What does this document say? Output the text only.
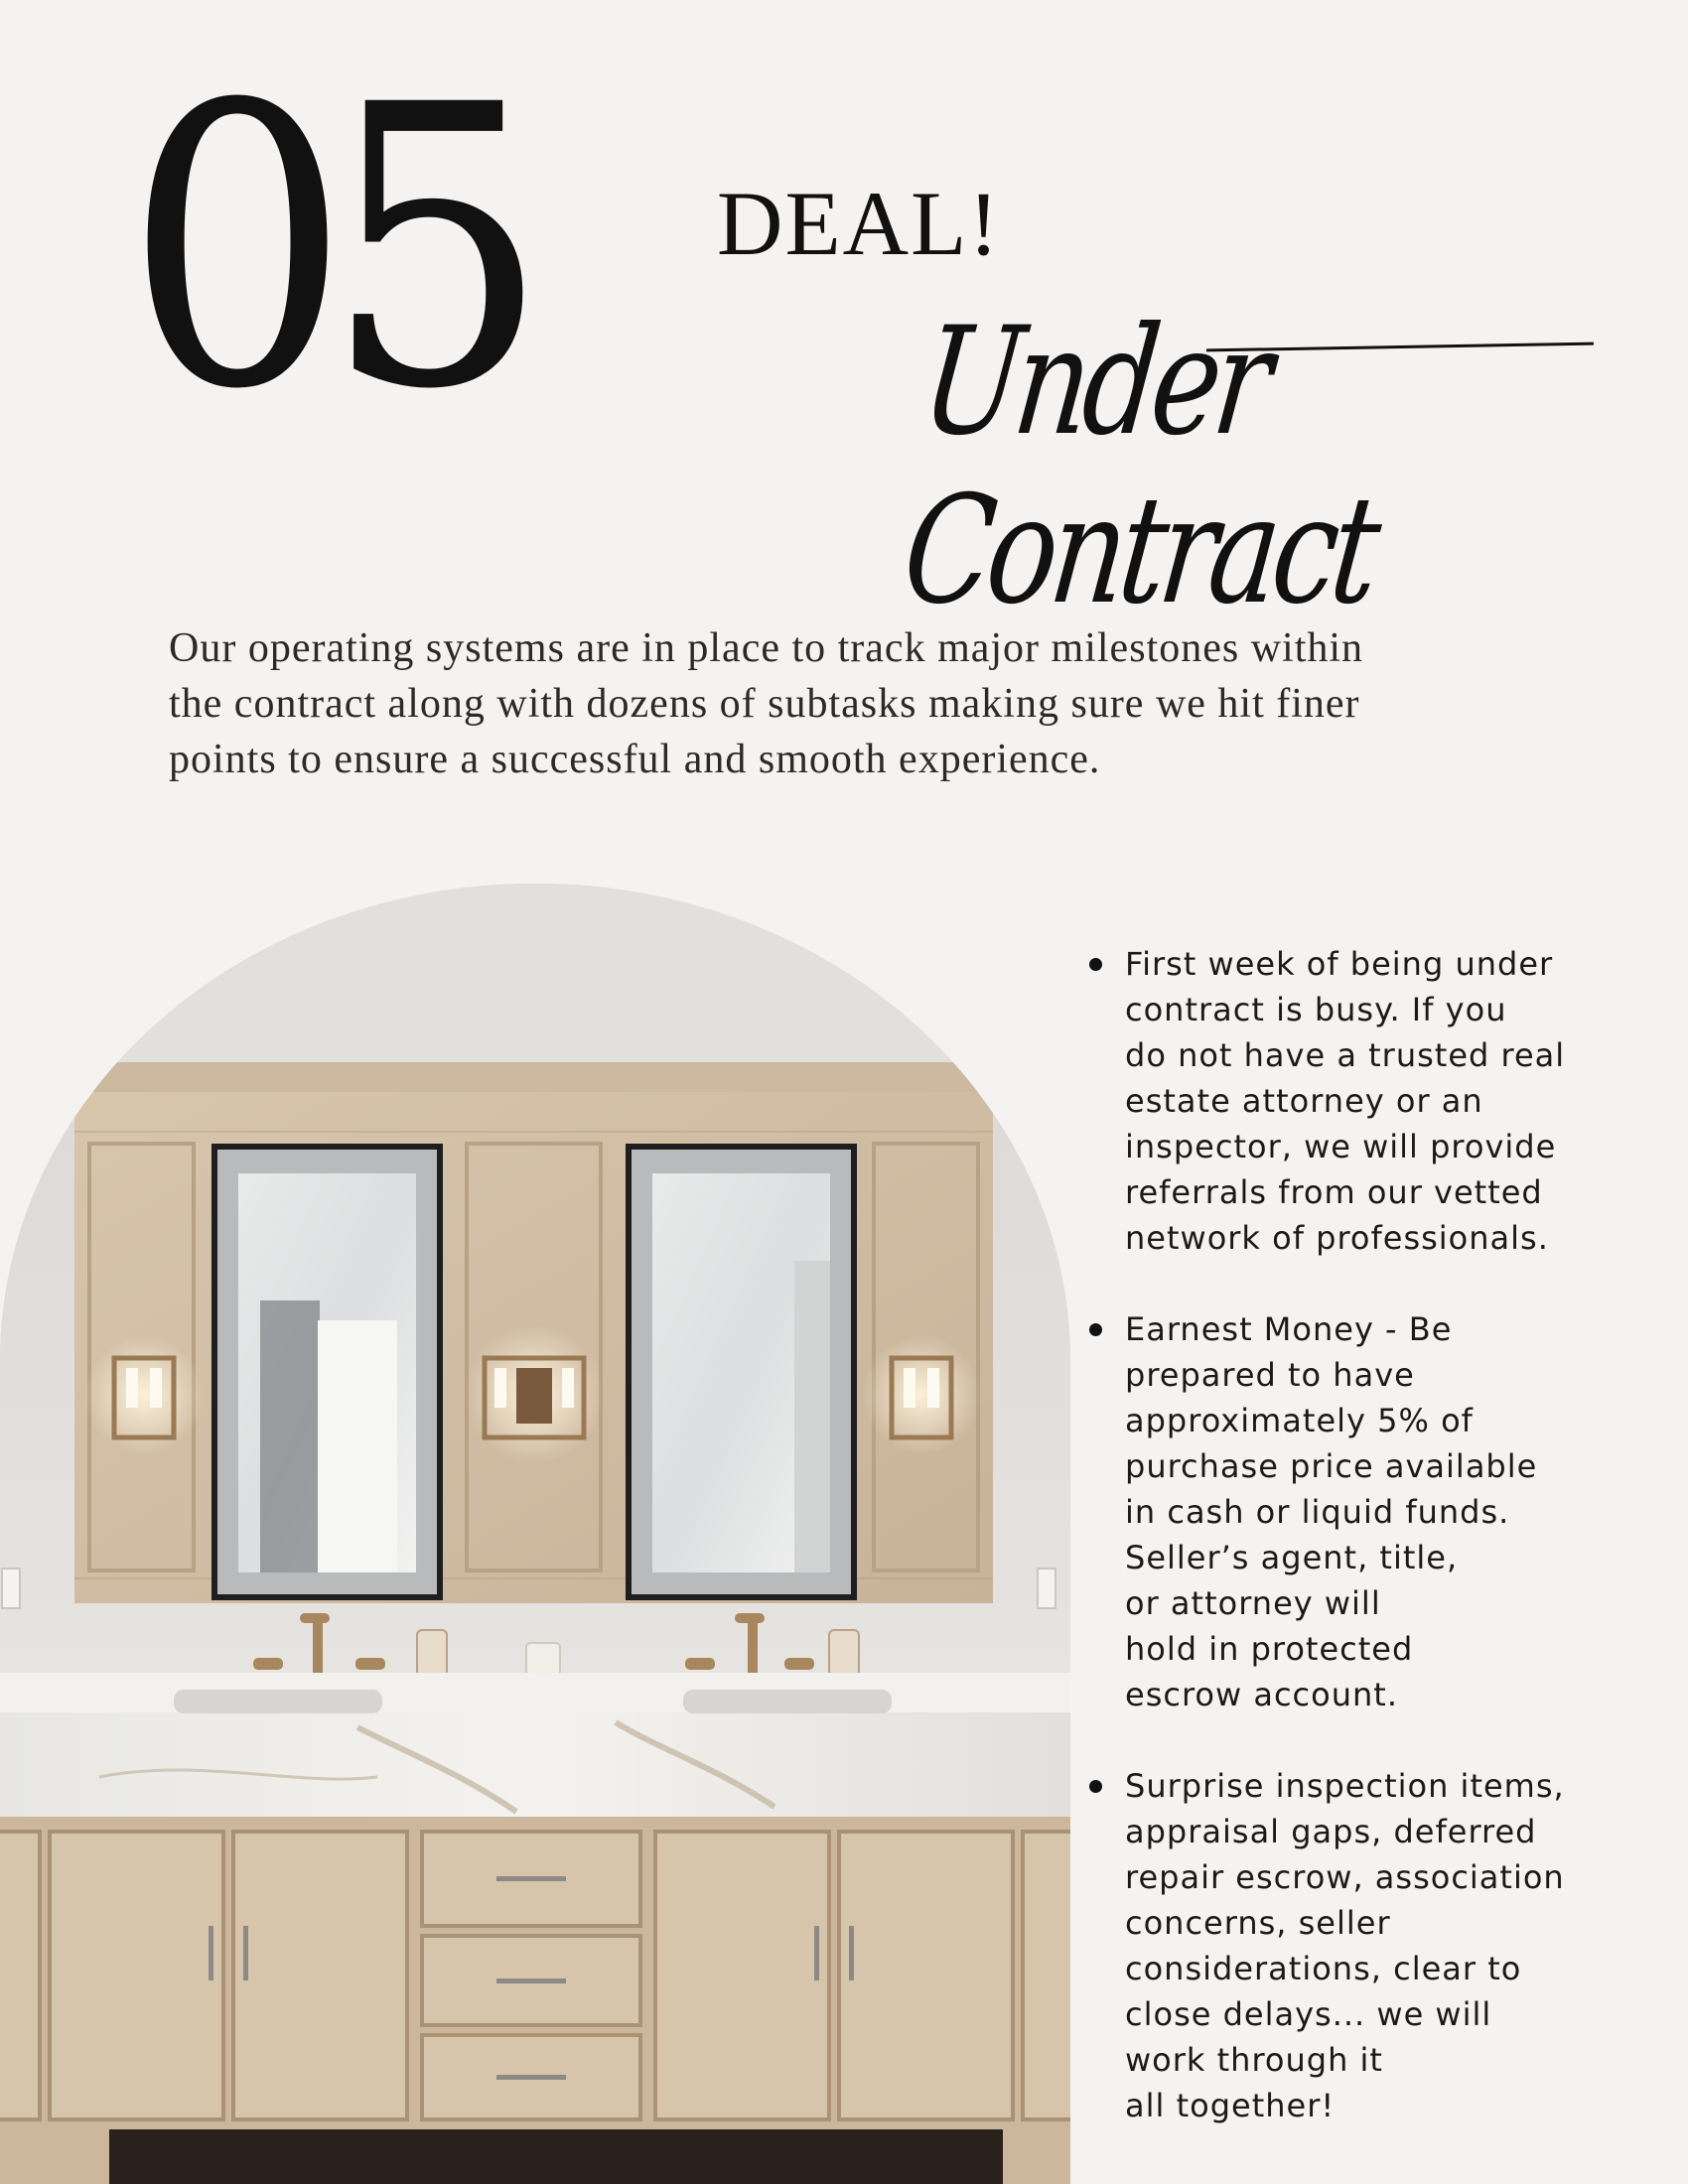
05 DEAL!
Under Contract
Our operating systems are in place to track major milestones within
the contract along with dozens of subtasks making sure we hit finer
points to ensure a successful and smooth experience.
First week of being under
contract is busy. If you
do not have a trusted real
estate attorney or an
inspector, we will provide
referrals from our vetted
network of professionals.
Earnest Money - Be
prepared to have
approximately 5% of
purchase price available
in cash or liquid funds.
Seller’s agent, title,
or attorney will
hold in protected
escrow account.
Surprise inspection items,
appraisal gaps, deferred
repair escrow, association
concerns, seller
considerations, clear to
close delays... we will
work through it
all together!
